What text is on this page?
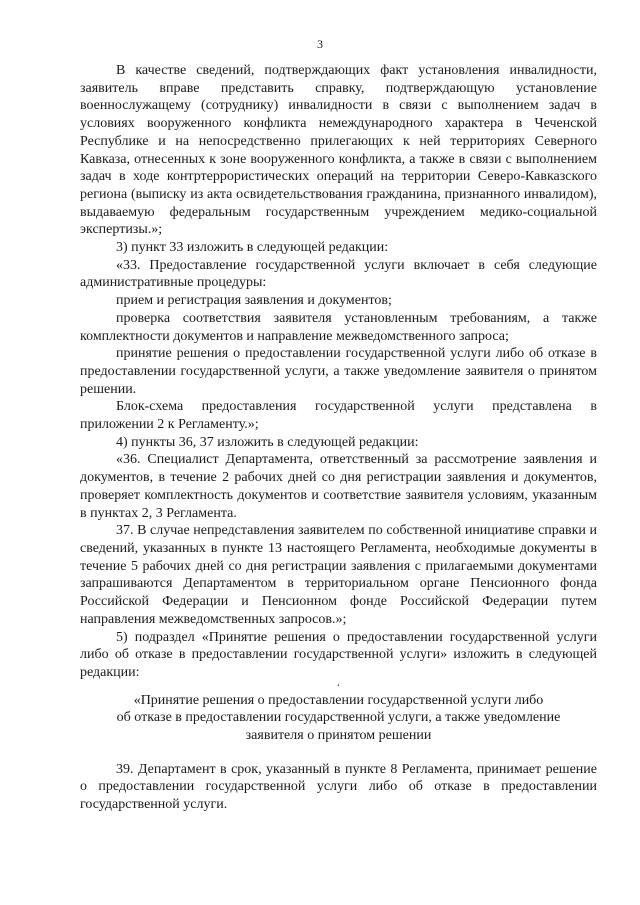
3

В качестве сведений, подтверждающих факт установления инвалидности, заявитель вправе представить справку, подтверждающую установление военнослужащему (сотруднику) инвалидности в связи с выполнением задач в условиях вооруженного конфликта немеждународного характера в Чеченской Республике и на непосредственно прилегающих к ней территориях Северного Кавказа, отнесенных к зоне вооруженного конфликта, а также в связи с выполнением задач в ходе контртеррористических операций на территории Северо-Кавказского региона (выписку из акта освидетельствования гражданина, признанного инвалидом), выдаваемую федеральным государственным учреждением медико-социальной экспертизы.»;

3) пункт 33 изложить в следующей редакции:

«33. Предоставление государственной услуги включает в себя следующие административные процедуры:

прием и регистрация заявления и документов;

проверка соответствия заявителя установленным требованиям, а также комплектности документов и направление межведомственного запроса;

принятие решения о предоставлении государственной услуги либо об отказе в предоставлении государственной услуги, а также уведомление заявителя о принятом решении.

Блок-схема предоставления государственной услуги представлена в приложении 2 к Регламенту.»;

4) пункты 36, 37 изложить в следующей редакции:

«36. Специалист Департамента, ответственный за рассмотрение заявления и документов, в течение 2 рабочих дней со дня регистрации заявления и документов, проверяет комплектность документов и соответствие заявителя условиям, указанным в пунктах 2, 3 Регламента.

37. В случае непредставления заявителем по собственной инициативе справки и сведений, указанных в пункте 13 настоящего Регламента, необходимые документы в течение 5 рабочих дней со дня регистрации заявления с прилагаемыми документами запрашиваются Департаментом в территориальном органе Пенсионного фонда Российской Федерации и Пенсионном фонде Российской Федерации путем направления межведомственных запросов.»;

5) подраздел «Принятие решения о предоставлении государственной услуги либо об отказе в предоставлении государственной услуги» изложить в следующей редакции:

ʻ

«Принятие решения о предоставлении государственной услуги либо

об отказе в предоставлении государственной услуги, а также уведомление

заявителя о принятом решении

39. Департамент в срок, указанный в пункте 8 Регламента, принимает решение о предоставлении государственной услуги либо об отказе в предоставлении государственной услуги.
